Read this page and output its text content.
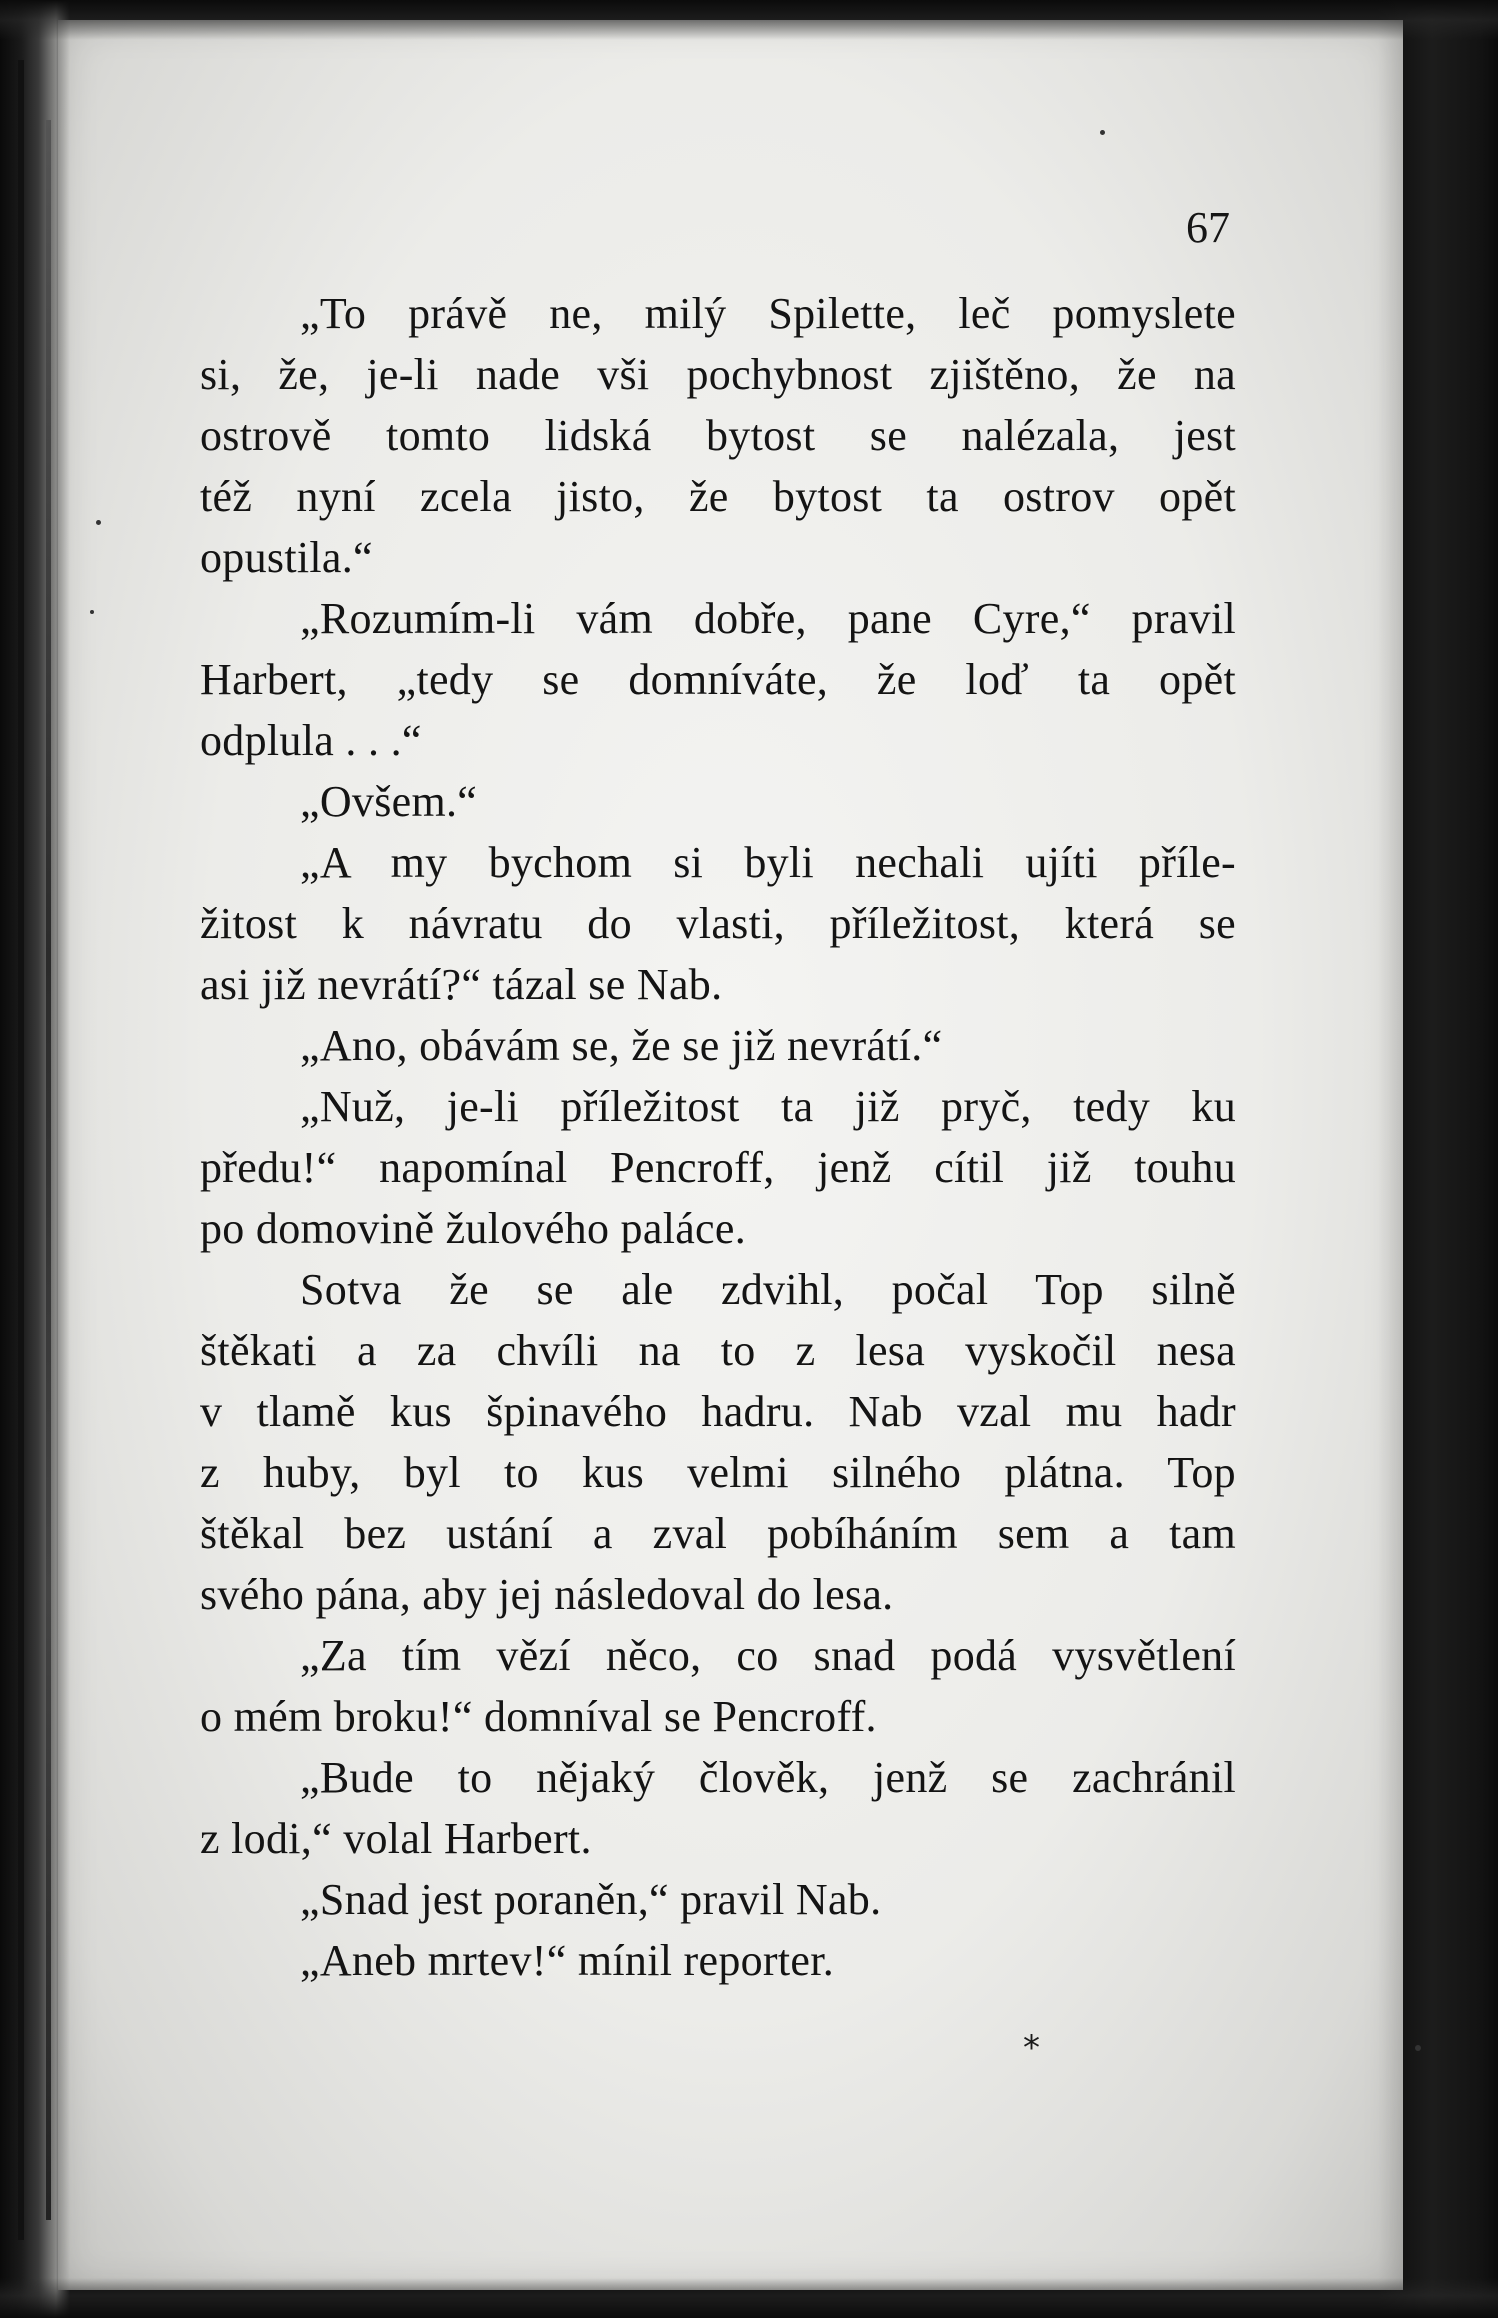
67
„To právě ne, milý Spilette, leč pomyslete
si, že, je-li nade vši pochybnost zjištěno, že na
ostrově tomto lidská bytost se nalézala, jest
též nyní zcela jisto, že bytost ta ostrov opět
opustila.“
„Rozumím-li vám dobře, pane Cyre,“ pravil
Harbert, „tedy se domníváte, že loď ta opět
odplula . . .“
„Ovšem.“
„A my bychom si byli nechali ujíti příle-
žitost k návratu do vlasti, příležitost, která se
asi již nevrátí?“ tázal se Nab.
„Ano, obávám se, že se již nevrátí.“
„Nuž, je-li příležitost ta již pryč, tedy ku
předu!“ napomínal Pencroff, jenž cítil již touhu
po domovině žulového paláce.
Sotva že se ale zdvihl, počal Top silně
štěkati a za chvíli na to z lesa vyskočil nesa
v tlamě kus špinavého hadru. Nab vzal mu hadr
z huby, byl to kus velmi silného plátna. Top
štěkal bez ustání a zval pobíháním sem a tam
svého pána, aby jej následoval do lesa.
„Za tím vězí něco, co snad podá vysvětlení
o mém broku!“ domníval se Pencroff.
„Bude to nějaký člověk, jenž se zachránil
z lodi,“ volal Harbert.
„Snad jest poraněn,“ pravil Nab.
„Aneb mrtev!“ mínil reporter.
*
